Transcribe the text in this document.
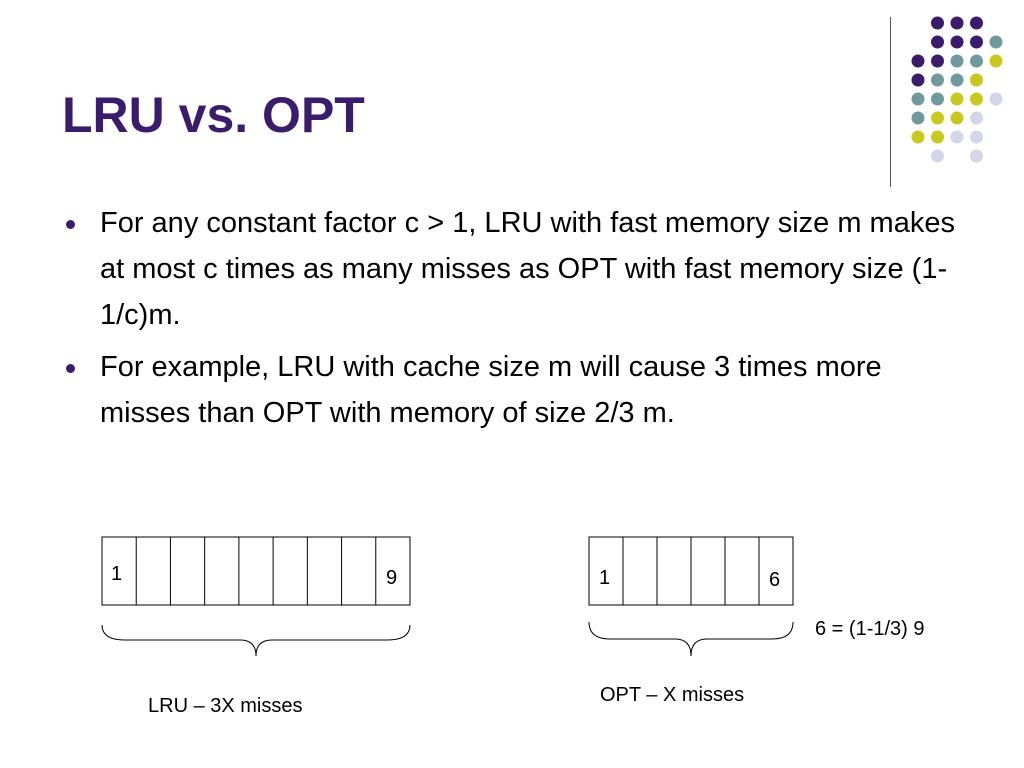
LRU vs. OPT
For any constant factor c > 1, LRU with fast memory size m makes at most c times as many misses as OPT with fast memory size (1-1/c)m.
For example, LRU with cache size m will cause 3 times more misses than OPT with memory of size 2/3 m.
1	9	1	6
6 = (1-1/3) 9
LRU – 3X misses	OPT – X misses
